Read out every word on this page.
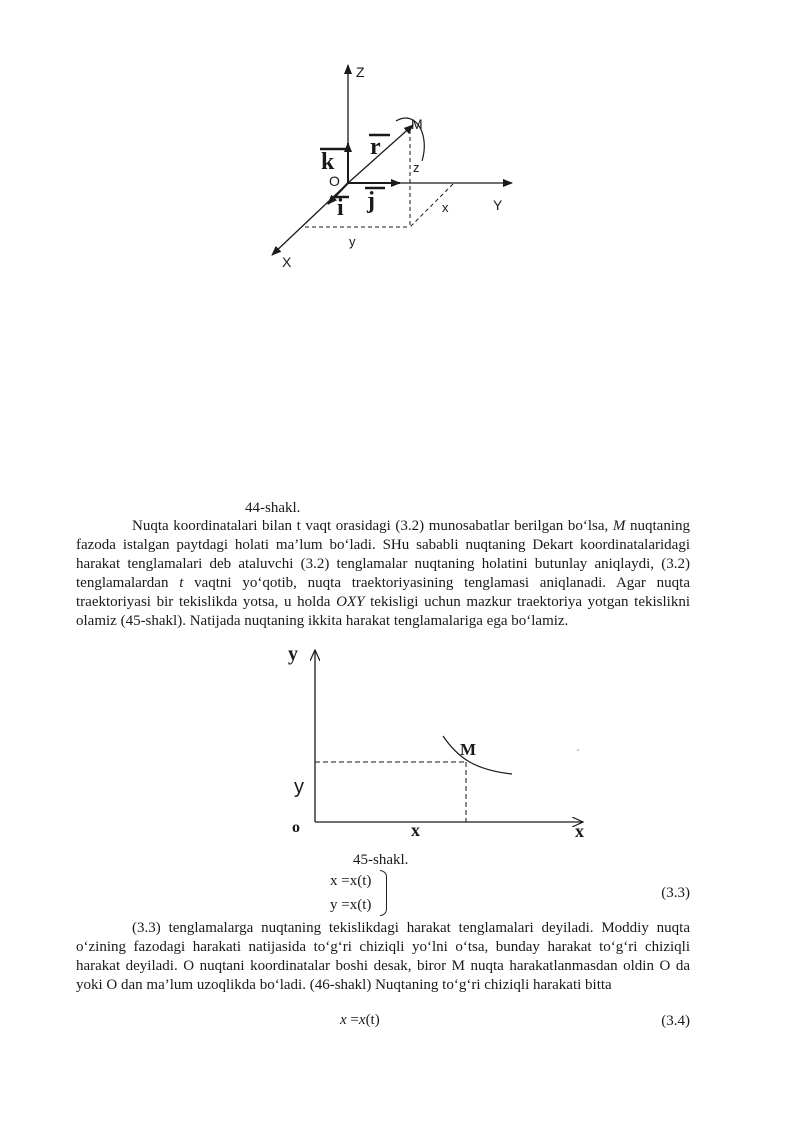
Z
M
z
O
x	Y
y
X
k
r
i j
44-shakl.

Nuqta koordinatalari bilan t vaqt orasidagi (3.2) munosabatlar berilgan bo‘lsa, M nuqtaning fazoda istalgan paytdagi holati ma’lum bo‘ladi. SHu sababli nuqtaning Dekart koordinatalaridagi harakat tenglamalari deb ataluvchi (3.2) tenglamalar nuqtaning holatini butunlay aniqlaydi, (3.2) tenglamalardan t vaqtni yo‘qotib, nuqta traektoriyasining tenglamasi aniqlanadi. Agar nuqta traektoriyasi bir tekislikda yotsa, u holda OXY tekisligi uchun mazkur traektoriya yotgan tekislikni olamiz (45-shakl). Natijada nuqtaning ikkita harakat tenglamalariga ega bo‘lamiz.

y
M
y
o	x	x
45-shakl.
x =x(t)
y =x(t)
(3.3)

(3.3) tenglamalarga nuqtaning tekislikdagi harakat tenglamalari deyiladi. Moddiy nuqta o‘zining fazodagi harakati natijasida to‘g‘ri chiziqli yo‘lni o‘tsa, bunday harakat to‘g‘ri chiziqli harakat deyiladi. O nuqtani koordinatalar boshi desak, biror M nuqta harakatlanmasdan oldin O da yoki O dan ma’lum uzoqlikda bo‘ladi. (46-shakl) Nuqtaning to‘g‘ri chiziqli harakati bitta

x =x(t)	(3.4)
